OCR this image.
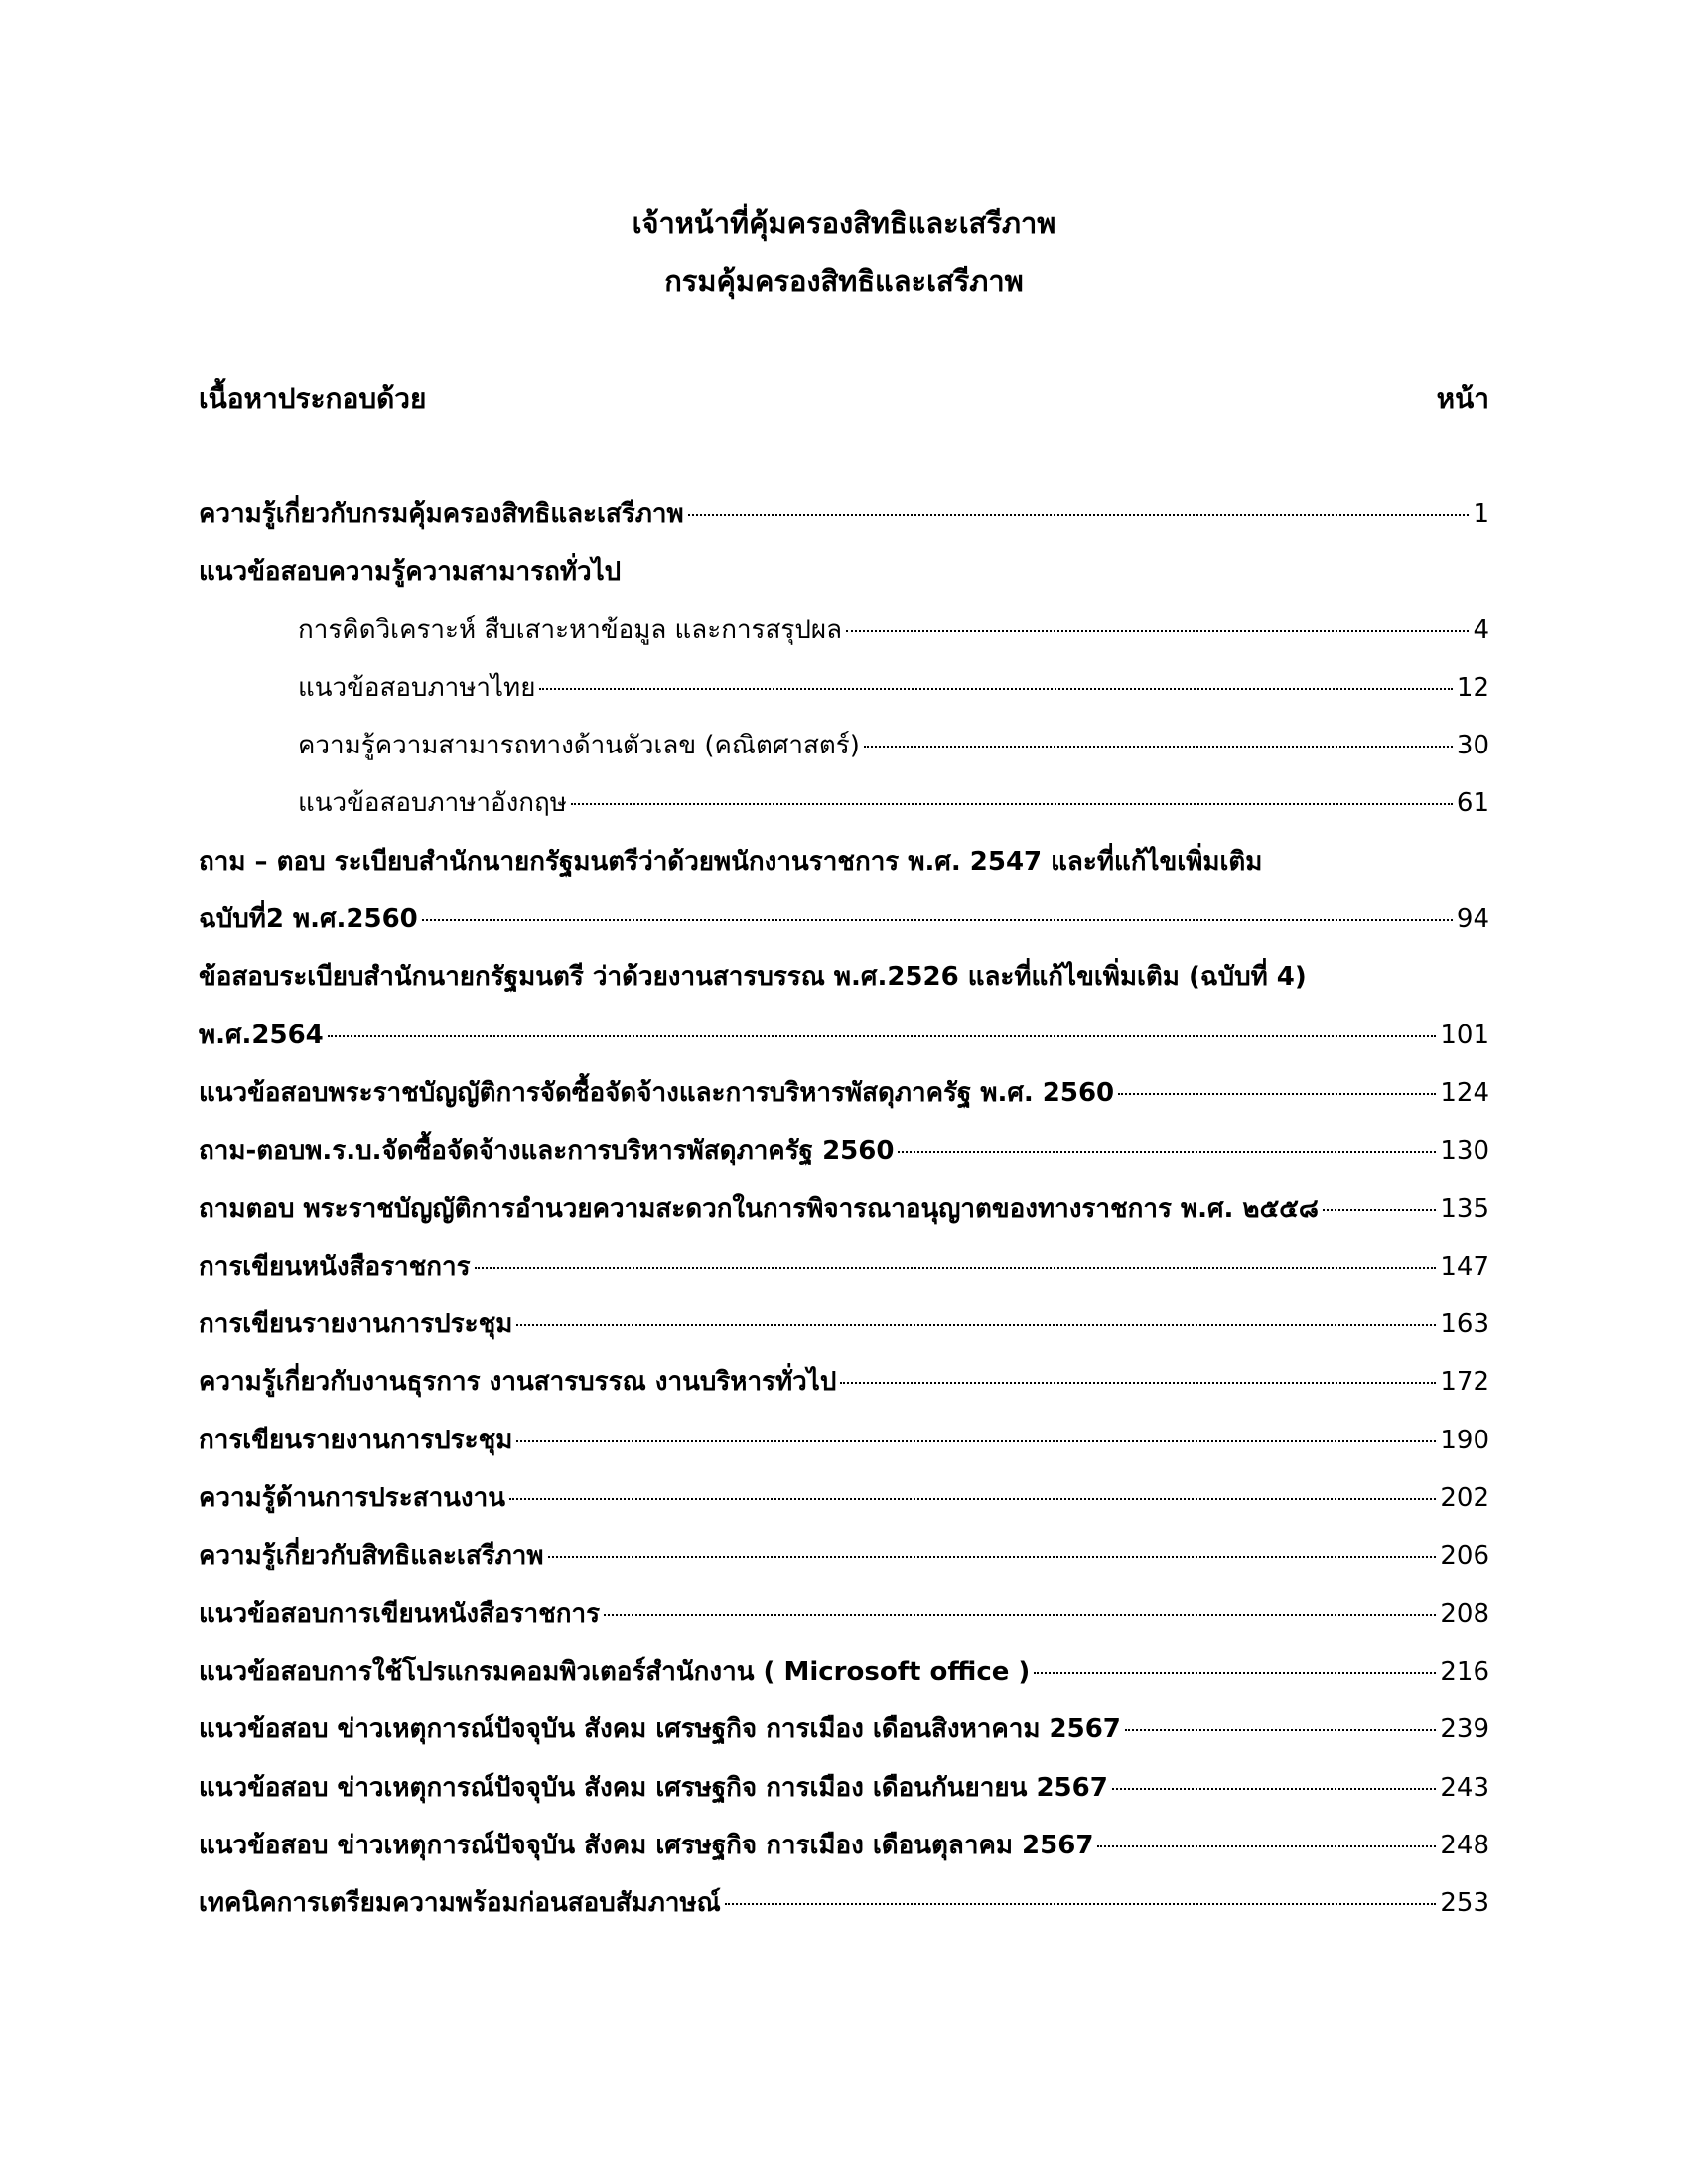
เจ้าหน้าที่คุ้มครองสิทธิและเสรีภาพ
กรมคุ้มครองสิทธิและเสรีภาพ
เนื้อหาประกอบด้วย	หน้า
ความรู้เกี่ยวกับกรมคุ้มครองสิทธิและเสรีภาพ	1
แนวข้อสอบความรู้ความสามารถทั่วไป
การคิดวิเคราะห์ สืบเสาะหาข้อมูล และการสรุปผล	4
แนวข้อสอบภาษาไทย	12
ความรู้ความสามารถทางด้านตัวเลข (คณิตศาสตร์)	30
แนวข้อสอบภาษาอังกฤษ	61
ถาม – ตอบ ระเบียบสำนักนายกรัฐมนตรีว่าด้วยพนักงานราชการ พ.ศ. 2547 และที่แก้ไขเพิ่มเติม
ฉบับที่2 พ.ศ.2560	94
ข้อสอบระเบียบสำนักนายกรัฐมนตรี ว่าด้วยงานสารบรรณ พ.ศ.2526 และที่แก้ไขเพิ่มเติม (ฉบับที่ 4)
พ.ศ.2564	101
แนวข้อสอบพระราชบัญญัติการจัดซื้อจัดจ้างและการบริหารพัสดุภาครัฐ พ.ศ. 2560	124
ถาม-ตอบพ.ร.บ.จัดซื้อจัดจ้างและการบริหารพัสดุภาครัฐ 2560	130
ถามตอบ พระราชบัญญัติการอำนวยความสะดวกในการพิจารณาอนุญาตของทางราชการ พ.ศ. ๒๕๕๘	135
การเขียนหนังสือราชการ	147
การเขียนรายงานการประชุม	163
ความรู้เกี่ยวกับงานธุรการ งานสารบรรณ งานบริหารทั่วไป	172
การเขียนรายงานการประชุม	190
ความรู้ด้านการประสานงาน	202
ความรู้เกี่ยวกับสิทธิและเสรีภาพ	206
แนวข้อสอบการเขียนหนังสือราชการ	208
แนวข้อสอบการใช้โปรแกรมคอมพิวเตอร์สำนักงาน ( Microsoft office )	216
แนวข้อสอบ ข่าวเหตุการณ์ปัจจุบัน สังคม เศรษฐกิจ การเมือง เดือนสิงหาคาม 2567	239
แนวข้อสอบ ข่าวเหตุการณ์ปัจจุบัน สังคม เศรษฐกิจ การเมือง เดือนกันยายน 2567	243
แนวข้อสอบ ข่าวเหตุการณ์ปัจจุบัน สังคม เศรษฐกิจ การเมือง เดือนตุลาคม 2567	248
เทคนิคการเตรียมความพร้อมก่อนสอบสัมภาษณ์	253
